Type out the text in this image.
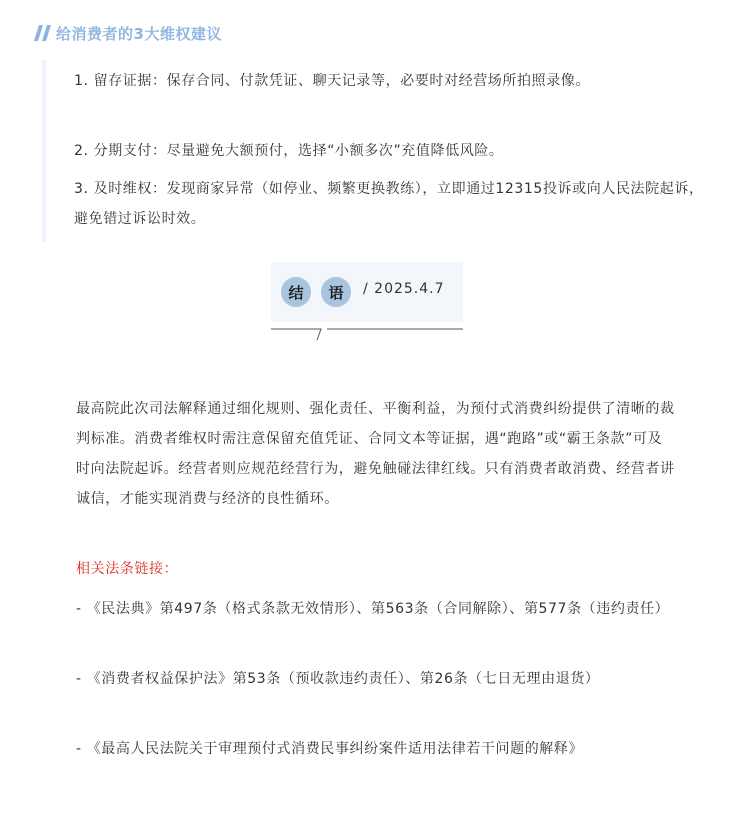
给消费者的3大维权建议

1. 留存证据：保存合同、付款凭证、聊天记录等，必要时对经营场所拍照录像。

2. 分期支付：尽量避免大额预付，选择“小额多次”充值降低风险。

3. 及时维权：发现商家异常（如停业、频繁更换教练），立即通过12315投诉或向人民法院起诉，避免错过诉讼时效。

结	语	/ 2025.4.7

最高院此次司法解释通过细化规则、强化责任、平衡利益，为预付式消费纠纷提供了清晰的裁判标准。消费者维权时需注意保留充值凭证、合同文本等证据，遇“跑路”或“霸王条款”可及时向法院起诉。经营者则应规范经营行为，避免触碰法律红线。只有消费者敢消费、经营者讲诚信，才能实现消费与经济的良性循环。

相关法条链接：

- 《民法典》第497条（格式条款无效情形）、第563条（合同解除）、第577条（违约责任）

- 《消费者权益保护法》第53条（预收款违约责任）、第26条（七日无理由退货）

- 《最高人民法院关于审理预付式消费民事纠纷案件适用法律若干问题的解释》
